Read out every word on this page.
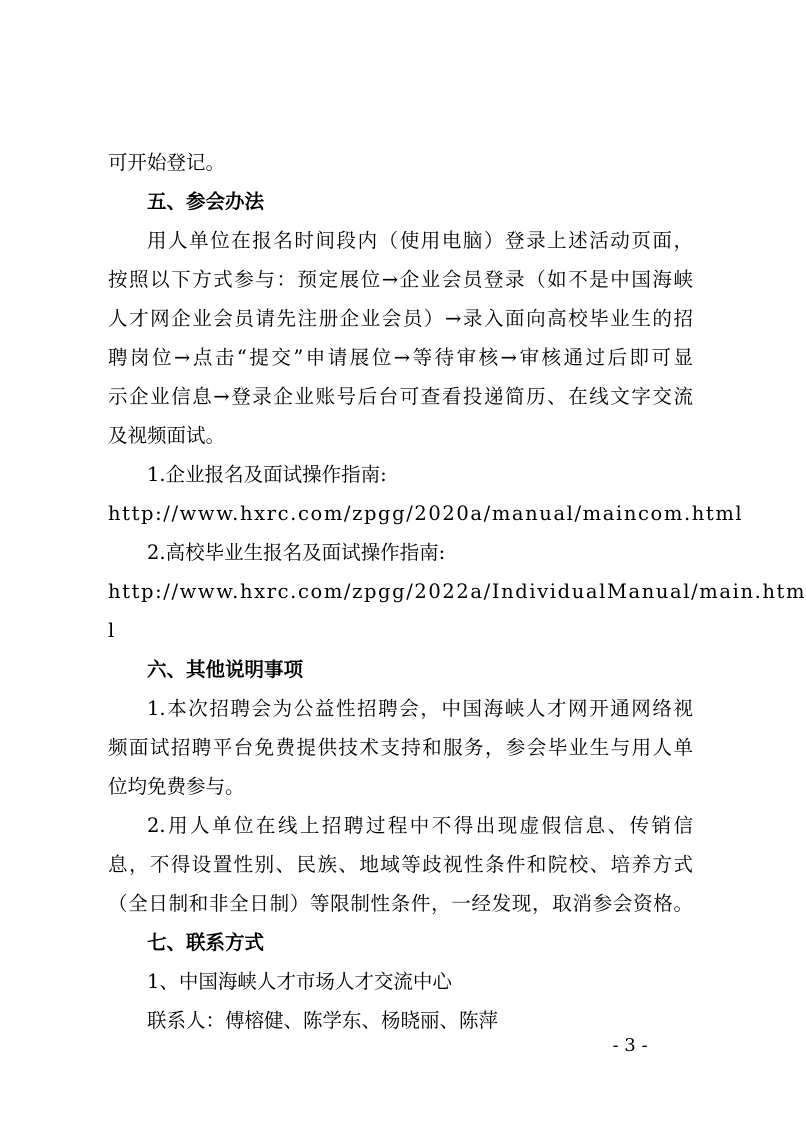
可开始登记。
五、参会办法
用人单位在报名时间段内（使用电脑）登录上述活动页面，
按照以下方式参与：预定展位→企业会员登录（如不是中国海峡
人才网企业会员请先注册企业会员）→录入面向高校毕业生的招
聘岗位→点击“提交”申请展位→等待审核→审核通过后即可显
示企业信息→登录企业账号后台可查看投递简历、在线文字交流
及视频面试。
1.企业报名及面试操作指南:
http://www.hxrc.com/zpgg/2020a/manual/maincom.html
2.高校毕业生报名及面试操作指南:
http://www.hxrc.com/zpgg/2022a/IndividualManual/main.htm
l
六、其他说明事项
1.本次招聘会为公益性招聘会，中国海峡人才网开通网络视
频面试招聘平台免费提供技术支持和服务，参会毕业生与用人单
位均免费参与。
2.用人单位在线上招聘过程中不得出现虚假信息、传销信
息，不得设置性别、民族、地域等歧视性条件和院校、培养方式
（全日制和非全日制）等限制性条件，一经发现，取消参会资格。
七、联系方式
1、中国海峡人才市场人才交流中心
联系人：傅榕健、陈学东、杨晓丽、陈萍
- 3 -
